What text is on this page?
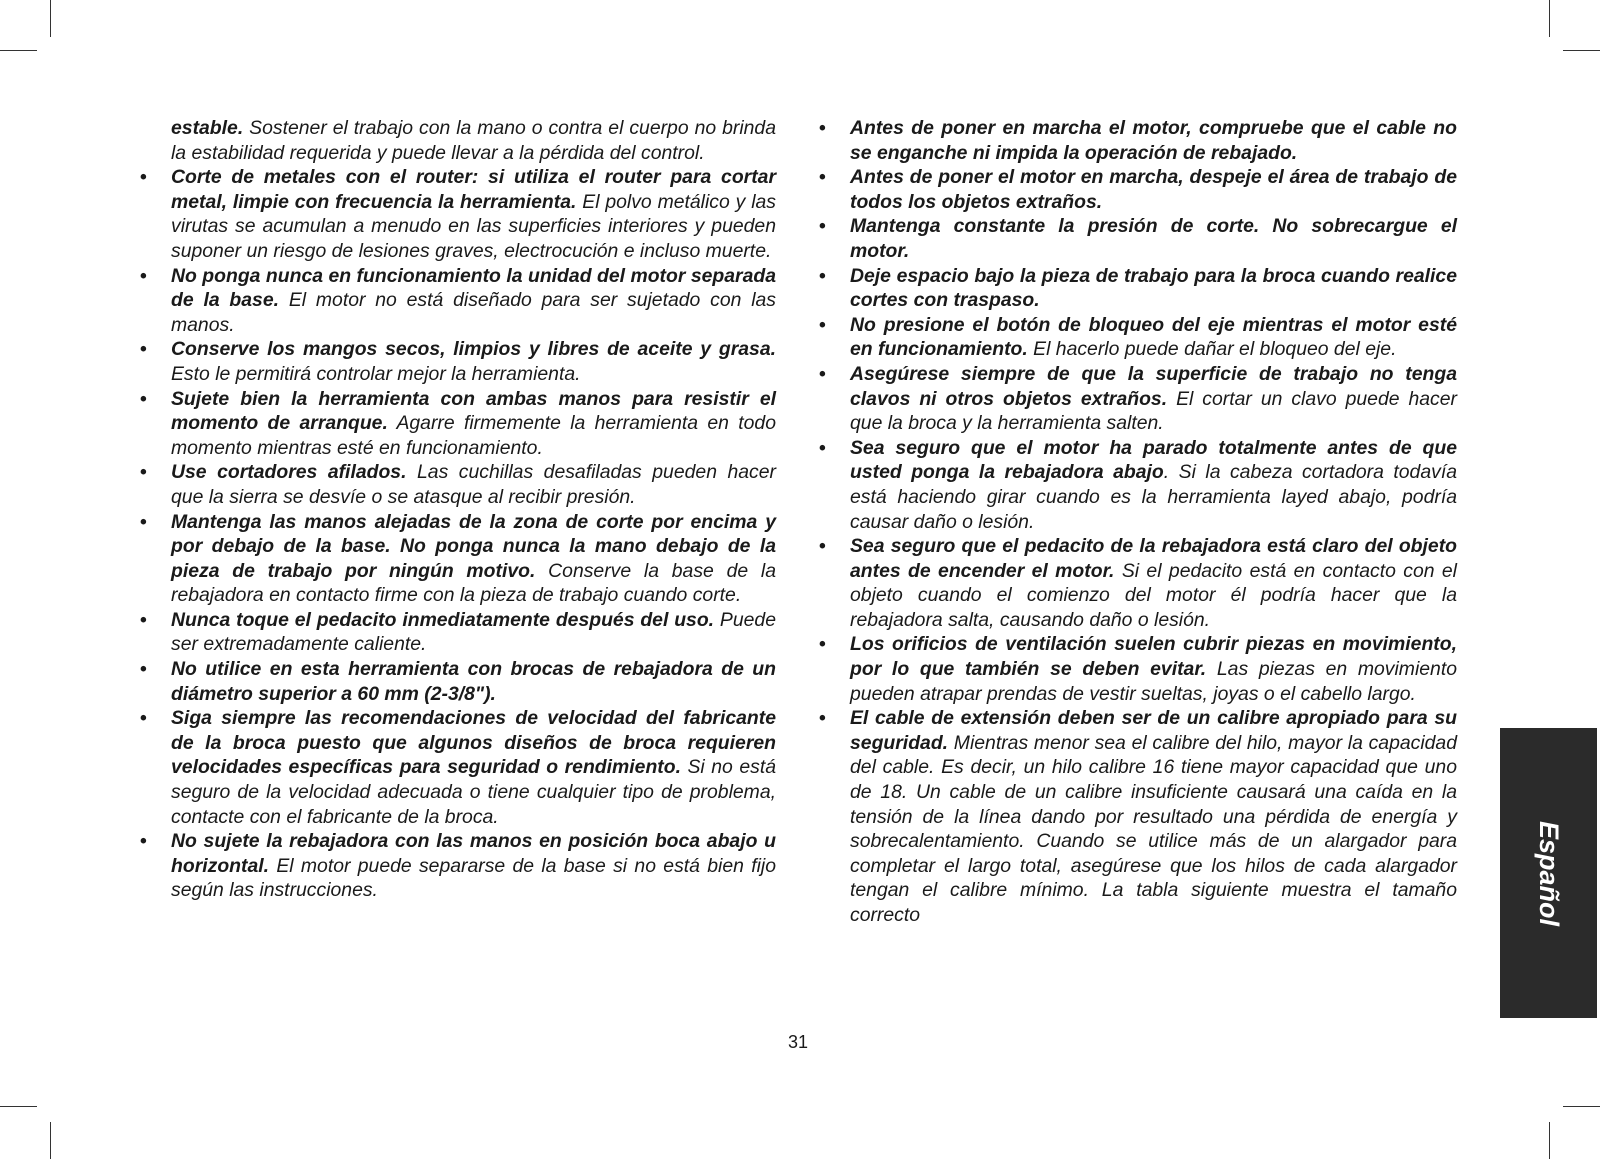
estable. Sostener el trabajo con la mano o contra el cuerpo no brinda la estabilidad requerida y puede llevar a la pérdida del control.

• Corte de metales con el router: si utiliza el router para cortar metal, limpie con frecuencia la herramienta. El polvo metálico y las virutas se acumulan a menudo en las superficies interiores y pueden suponer un riesgo de lesiones graves, electrocución e incluso muerte.
• No ponga nunca en funcionamiento la unidad del motor separada de la base. El motor no está diseñado para ser sujetado con las manos.
• Conserve los mangos secos, limpios y libres de aceite y grasa. Esto le permitirá controlar mejor la herramienta.
• Sujete bien la herramienta con ambas manos para resistir el momento de arranque. Agarre firmemente la herramienta en todo momento mientras esté en funcionamiento.
• Use cortadores afilados. Las cuchillas desafiladas pueden hacer que la sierra se desvíe o se atasque al recibir presión.
• Mantenga las manos alejadas de la zona de corte por encima y por debajo de la base. No ponga nunca la mano debajo de la pieza de trabajo por ningún motivo. Conserve la base de la rebajadora en contacto firme con la pieza de trabajo cuando corte.
• Nunca toque el pedacito inmediatamente después del uso. Puede ser extremadamente caliente.
• No utilice en esta herramienta con brocas de rebajadora de un diámetro superior a 60 mm (2-3/8").
• Siga siempre las recomendaciones de velocidad del fabricante de la broca puesto que algunos diseños de broca requieren velocidades específicas para seguridad o rendimiento. Si no está seguro de la velocidad adecuada o tiene cualquier tipo de problema, contacte con el fabricante de la broca.
• No sujete la rebajadora con las manos en posición boca abajo u horizontal. El motor puede separarse de la base si no está bien fijo según las instrucciones.
• Antes de poner en marcha el motor, compruebe que el cable no se enganche ni impida la operación de rebajado.
• Antes de poner el motor en marcha, despeje el área de trabajo de todos los objetos extraños.
• Mantenga constante la presión de corte. No sobrecargue el motor.
• Deje espacio bajo la pieza de trabajo para la broca cuando realice cortes con traspaso.
• No presione el botón de bloqueo del eje mientras el motor esté en funcionamiento. El hacerlo puede dañar el bloqueo del eje.
• Asegúrese siempre de que la superficie de trabajo no tenga clavos ni otros objetos extraños. El cortar un clavo puede hacer que la broca y la herramienta salten.
• Sea seguro que el motor ha parado totalmente antes de que usted ponga la rebajadora abajo. Si la cabeza cortadora todavía está haciendo girar cuando es la herramienta layed abajo, podría causar daño o lesión.
• Sea seguro que el pedacito de la rebajadora está claro del objeto antes de encender el motor. Si el pedacito está en contacto con el objeto cuando el comienzo del motor él podría hacer que la rebajadora salta, causando daño o lesión.
• Los orificios de ventilación suelen cubrir piezas en movimiento, por lo que también se deben evitar. Las piezas en movimiento pueden atrapar prendas de vestir sueltas, joyas o el cabello largo.
• El cable de extensión deben ser de un calibre apropiado para su seguridad. Mientras menor sea el calibre del hilo, mayor la capacidad del cable. Es decir, un hilo calibre 16 tiene mayor capacidad que uno de 18. Un cable de un calibre insuficiente causará una caída en la tensión de la línea dando por resultado una pérdida de energía y sobrecalentamiento. Cuando se utilice más de un alargador para completar el largo total, asegúrese que los hilos de cada alargador tengan el calibre mínimo. La tabla siguiente muestra el tamaño correcto
31
Español
